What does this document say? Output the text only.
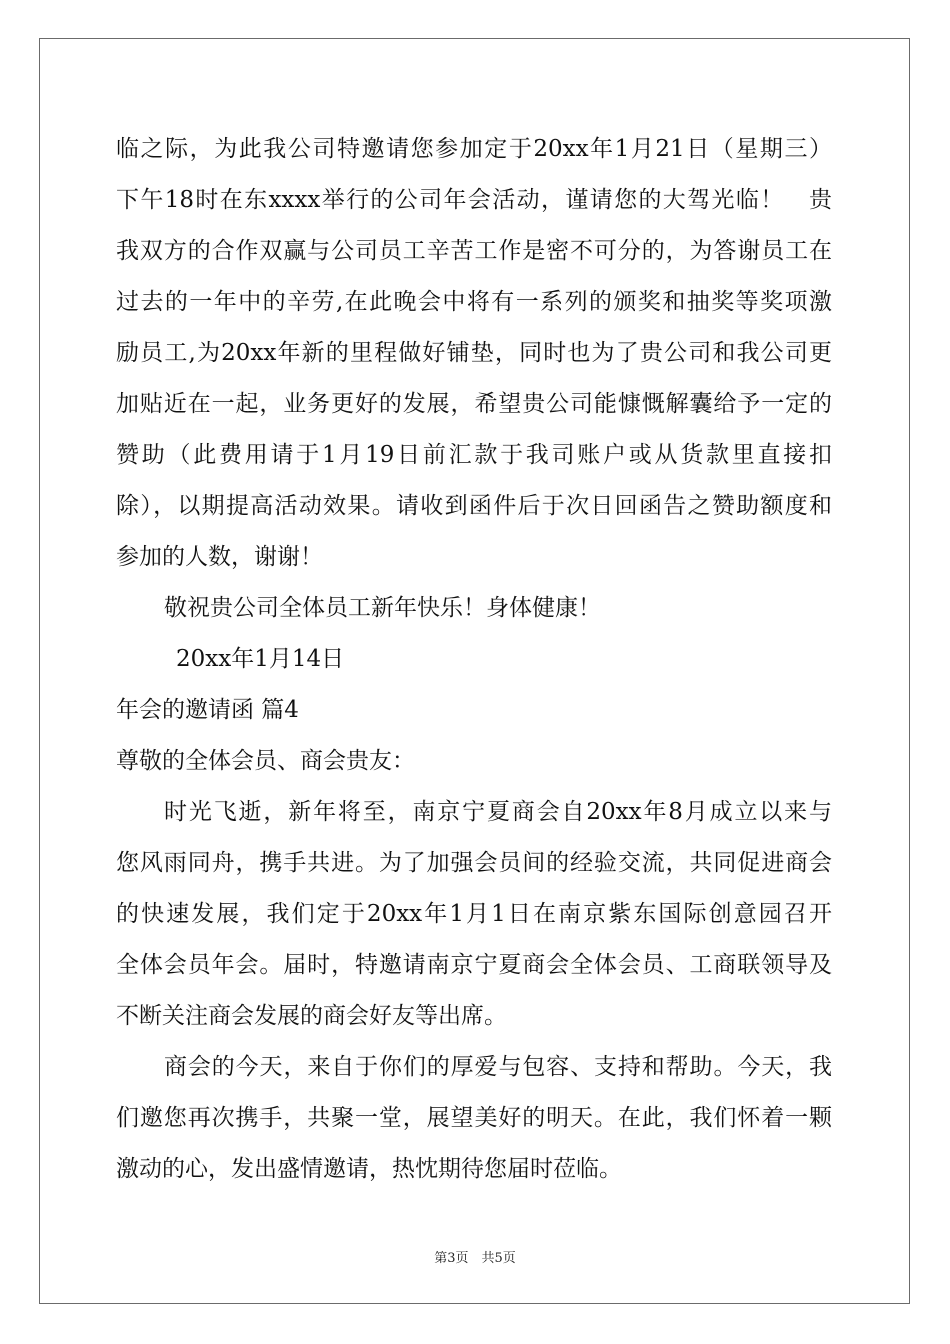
临之际，为此我公司特邀请您参加定于20xx年1月21日（星期三）
下午18时在东xxxx举行的公司年会活动，谨请您的大驾光临！　贵
我双方的合作双赢与公司员工辛苦工作是密不可分的，为答谢员工在
过去的一年中的辛劳,在此晚会中将有一系列的颁奖和抽奖等奖项激
励员工,为20xx年新的里程做好铺垫，同时也为了贵公司和我公司更
加贴近在一起，业务更好的发展，希望贵公司能慷慨解囊给予一定的
赞助（此费用请于1月19日前汇款于我司账户或从货款里直接扣
除），以期提高活动效果。请收到函件后于次日回函告之赞助额度和
参加的人数，谢谢！
敬祝贵公司全体员工新年快乐！身体健康！
20xx年1月14日
年会的邀请函 篇4
尊敬的全体会员、商会贵友：
时光飞逝，新年将至，南京宁夏商会自20xx年8月成立以来与
您风雨同舟，携手共进。为了加强会员间的经验交流，共同促进商会
的快速发展，我们定于20xx年1月1日在南京紫东国际创意园召开
全体会员年会。届时，特邀请南京宁夏商会全体会员、工商联领导及
不断关注商会发展的商会好友等出席。
商会的今天，来自于你们的厚爱与包容、支持和帮助。今天，我
们邀您再次携手，共聚一堂，展望美好的明天。在此，我们怀着一颗
激动的心，发出盛情邀请，热忱期待您届时莅临。
第3页　共5页
